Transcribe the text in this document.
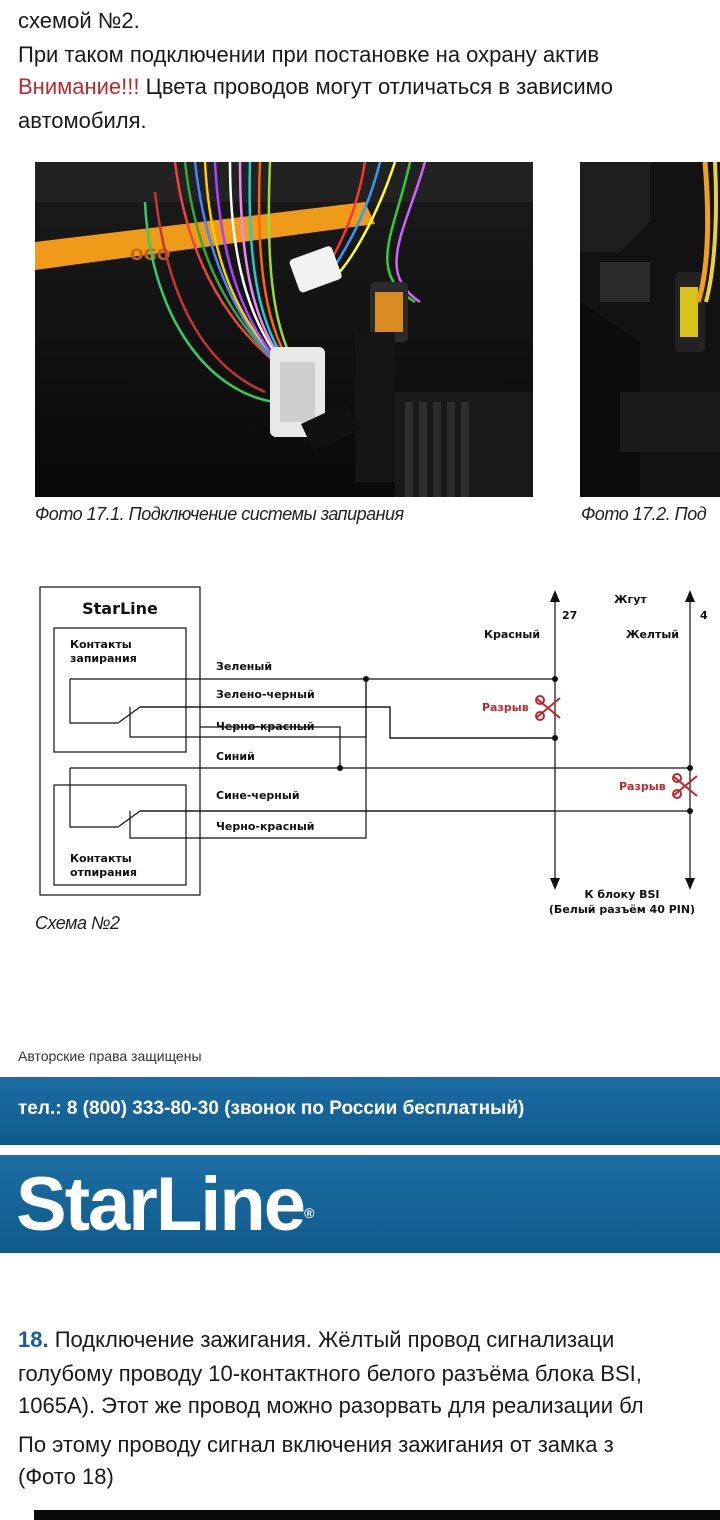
схемой №2.
При таком подключении при постановке на охрану актив
Внимание!!! Цвета проводов могут отличаться в зависимо
автомобиля.
OGO
Фото 17.1. Подключение системы запирания	Фото 17.2. Под
StarLine
Контакты
запирания
Контакты
отпирания
Зеленый
Зелено-черный
Черно-красный
Синий
Сине-черный
Черно-красный
Жгут
27	4
Красный	Желтый
Разрыв
Разрыв
К блоку BSI
(Белый разъём 40 PIN)
Схема №2
Авторские права защищены
тел.: 8 (800) 333-80-30 (звонок по России бесплатный)
StarLine®
18. Подключение зажигания. Жёлтый провод сигнализаци
голубому проводу 10-контактного белого разъёма блока BSI,
1065A). Этот же провод можно разорвать для реализации бл
По этому проводу сигнал включения зажигания от замка з
(Фото 18)
